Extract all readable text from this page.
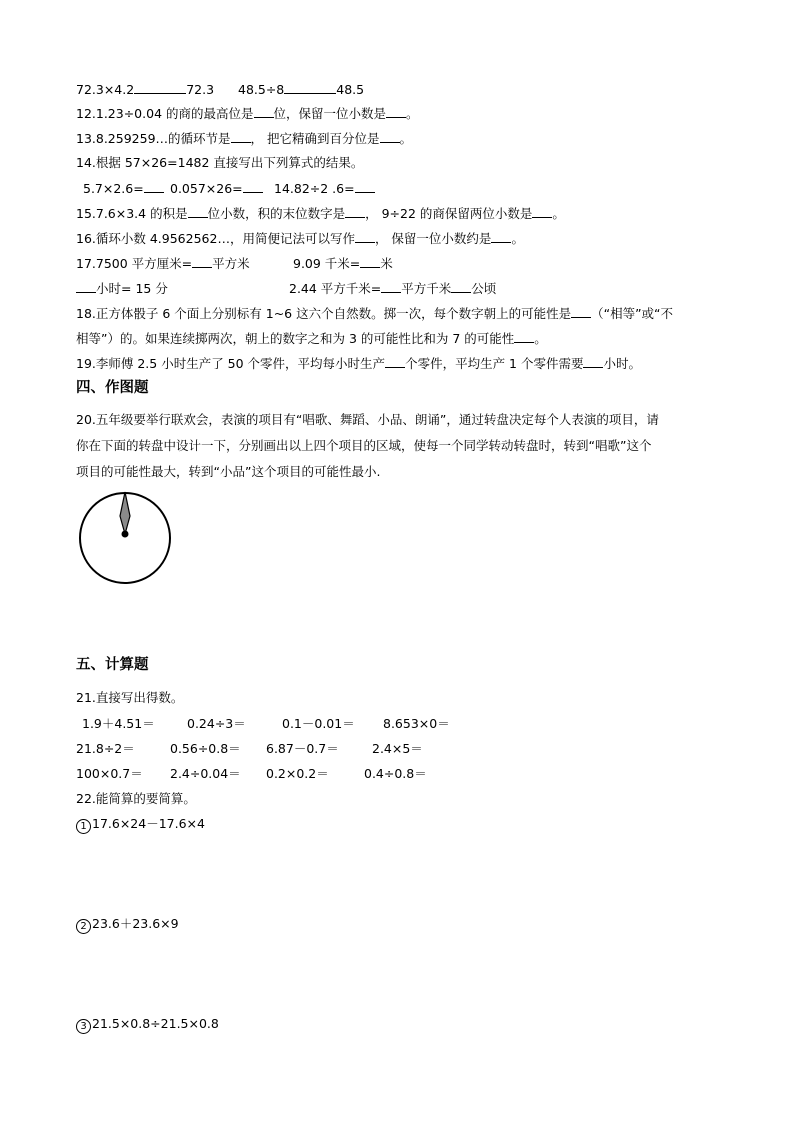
72.3×4.2	72.3 48.5÷8	48.5
12.1.23÷0.04 的商的最高位是 位，保留一位小数是 。
13.8.259259…的循环节是 ， 把它精确到百分位是 。
14.根据 57×26=1482 直接写出下列算式的结果。
5.7×2.6=	0.057×26=	14.82÷2 .6=
15.7.6×3.4 的积是 位小数，积的末位数字是 ， 9÷22 的商保留两位小数是 。
16.循环小数 4.9562562…，用简便记法可以写作 ， 保留一位小数约是 。
17.7500 平方厘米= 平方米	9.09 千米= 米
小时= 15 分	2.44 平方千米= 平方千米 公顷
18.正方体骰子 6 个面上分别标有 1~6 这六个自然数。掷一次，每个数字朝上的可能性是 （“相等”或“不
相等”）的。如果连续掷两次，朝上的数字之和为 3 的可能性比和为 7 的可能性 。
19.李师傅 2.5 小时生产了 50 个零件，平均每小时生产 个零件，平均生产 1 个零件需要 小时。
四、作图题
20.五年级要举行联欢会，表演的项目有“唱歌、舞蹈、小品、朗诵”，通过转盘决定每个人表演的项目，请
你在下面的转盘中设计一下，分别画出以上四个项目的区域，使每一个同学转动转盘时，转到“唱歌”这个
项目的可能性最大，转到“小品”这个项目的可能性最小.
五、计算题
21.直接写出得数。
1.9＋4.51＝	0.24÷3＝	0.1－0.01＝ 8.653×0＝
21.8÷2＝	0.56÷0.8＝ 6.87－0.7＝	2.4×5＝
100×0.7＝ 2.4÷0.04＝ 0.2×0.2＝	0.4÷0.8＝
22.能简算的要简算。
1 17.6×24－17.6×4
2 23.6＋23.6×9
3 21.5×0.8÷21.5×0.8
